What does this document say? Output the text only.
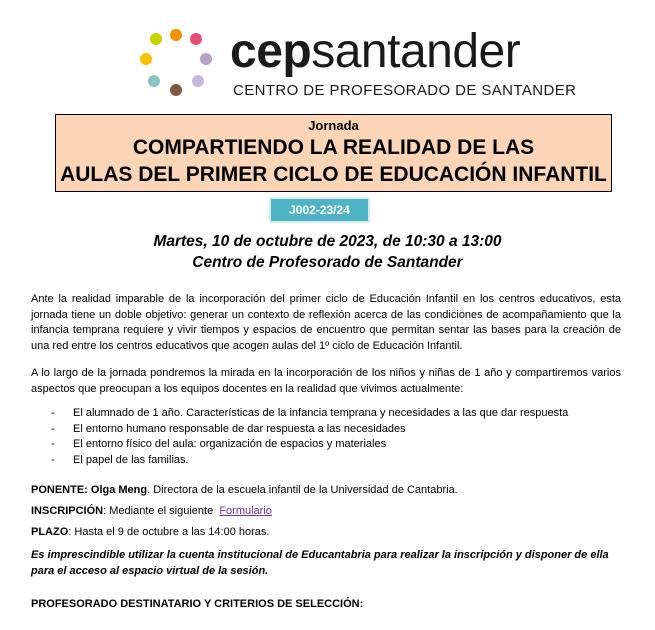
cepsantander
CENTRO DE PROFESORADO DE SANTANDER
Jornada
COMPARTIENDO LA REALIDAD DE LAS
AULAS DEL PRIMER CICLO DE EDUCACIÓN INFANTIL
J002-23/24
Martes, 10 de octubre de 2023, de 10:30 a 13:00
Centro de Profesorado de Santander
Ante la realidad imparable de la incorporación del primer ciclo de Educación Infantil en los centros educativos, esta jornada tiene un doble objetivo: generar un contexto de reflexión acerca de las condiciones de acompañamiento que la infancia temprana requiere y vivir tiempos y espacios de encuentro que permitan sentar las bases para la creación de una red entre los centros educativos que acogen aulas del 1º ciclo de Educación Infantil.
A lo largo de la jornada pondremos la mirada en la incorporación de los niños y niñas de 1 año y compartiremos varios aspectos que preocupan a los equipos docentes en la realidad que vivimos actualmente:
- El alumnado de 1 año. Características de la infancia temprana y necesidades a las que dar respuesta
- El entorno humano responsable de dar respuesta a las necesidades
- El entorno físico del aula: organización de espacios y materiales
- El papel de las familias.
PONENTE: Olga Meng. Directora de la escuela infantil de la Universidad de Cantabria.
INSCRIPCIÓN: Mediante el siguiente  Formulario
PLAZO: Hasta el 9 de octubre a las 14:00 horas.
Es imprescindible utilizar la cuenta institucional de Educantabria para realizar la inscripción y disponer de ella para el acceso al espacio virtual de la sesión.
PROFESORADO DESTINATARIO Y CRITERIOS DE SELECCIÓN:
